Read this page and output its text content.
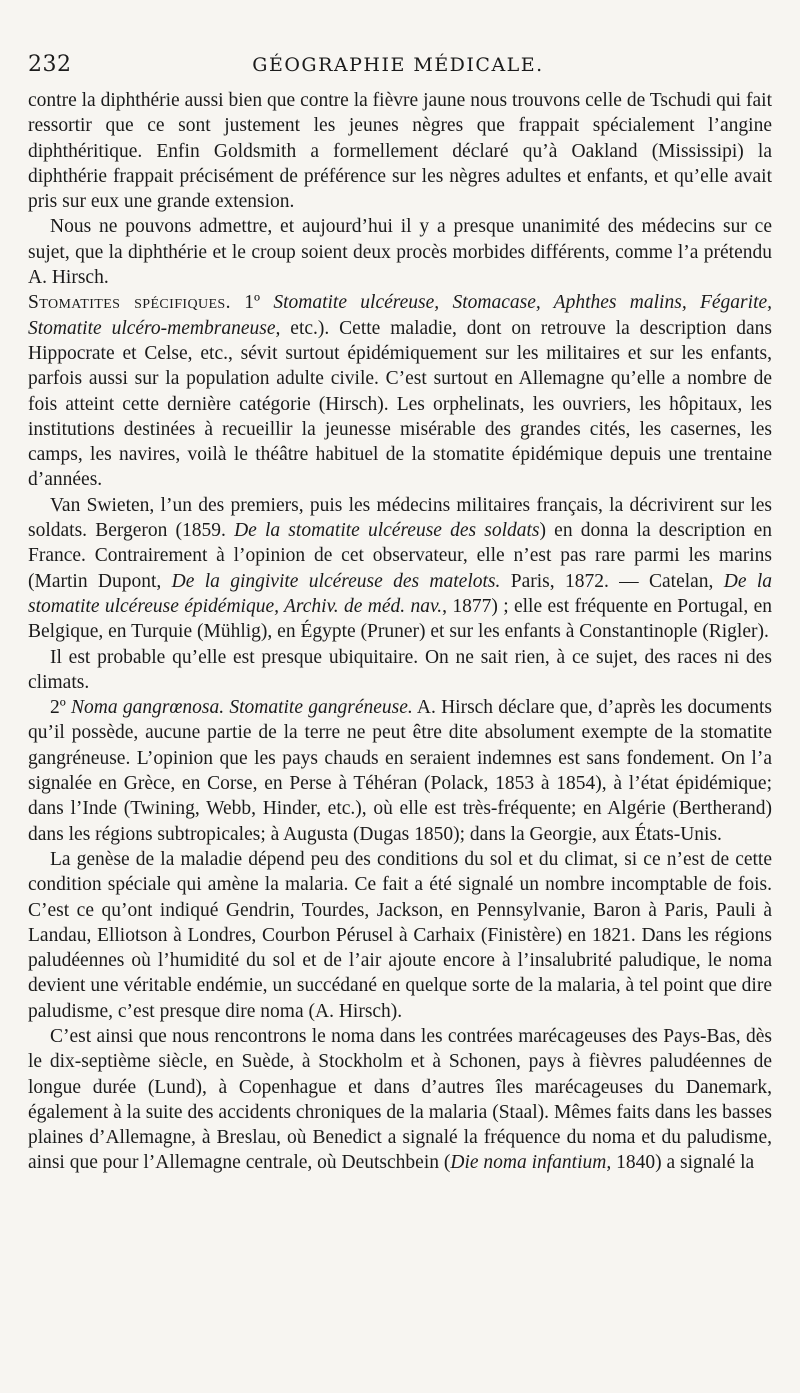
232	GÉOGRAPHIE MÉDICALE.

contre la diphthérie aussi bien que contre la fièvre jaune nous trouvons celle de Tschudi qui fait ressortir que ce sont justement les jeunes nègres que frappait spécialement l’angine diphthéritique. Enfin Goldsmith a formellement déclaré qu’à Oakland (Mississipi) la diphthérie frappait précisément de préférence sur les nègres adultes et enfants, et qu’elle avait pris sur eux une grande extension.

Nous ne pouvons admettre, et aujourd’hui il y a presque unanimité des médecins sur ce sujet, que la diphthérie et le croup soient deux procès morbides différents, comme l’a prétendu A. Hirsch.

Stomatites spécifiques. 1º Stomatite ulcéreuse, Stomacase, Aphthes malins, Fégarite, Stomatite ulcéro-membraneuse, etc.). Cette maladie, dont on retrouve la description dans Hippocrate et Celse, etc., sévit surtout épidémiquement sur les militaires et sur les enfants, parfois aussi sur la population adulte civile. C’est surtout en Allemagne qu’elle a nombre de fois atteint cette dernière catégorie (Hirsch). Les orphelinats, les ouvriers, les hôpitaux, les institutions destinées à recueillir la jeunesse misérable des grandes cités, les casernes, les camps, les navires, voilà le théâtre habituel de la stomatite épidémique depuis une trentaine d’années.

Van Swieten, l’un des premiers, puis les médecins militaires français, la décrivirent sur les soldats. Bergeron (1859. De la stomatite ulcéreuse des soldats) en donna la description en France. Contrairement à l’opinion de cet observateur, elle n’est pas rare parmi les marins (Martin Dupont, De la gingivite ulcéreuse des matelots. Paris, 1872. — Catelan, De la stomatite ulcéreuse épidémique, Archiv. de méd. nav., 1877) ; elle est fréquente en Portugal, en Belgique, en Turquie (Mühlig), en Égypte (Pruner) et sur les enfants à Constantinople (Rigler).

Il est probable qu’elle est presque ubiquitaire. On ne sait rien, à ce sujet, des races ni des climats.

2º Noma gangrœnosa. Stomatite gangréneuse. A. Hirsch déclare que, d’après les documents qu’il possède, aucune partie de la terre ne peut être dite absolument exempte de la stomatite gangréneuse. L’opinion que les pays chauds en seraient indemnes est sans fondement. On l’a signalée en Grèce, en Corse, en Perse à Téhéran (Polack, 1853 à 1854), à l’état épidémique; dans l’Inde (Twining, Webb, Hinder, etc.), où elle est très-fréquente; en Algérie (Bertherand) dans les régions subtropicales; à Augusta (Dugas 1850); dans la Georgie, aux États-Unis.

La genèse de la maladie dépend peu des conditions du sol et du climat, si ce n’est de cette condition spéciale qui amène la malaria. Ce fait a été signalé un nombre incomptable de fois. C’est ce qu’ont indiqué Gendrin, Tourdes, Jackson, en Pennsylvanie, Baron à Paris, Pauli à Landau, Elliotson à Londres, Courbon Pérusel à Carhaix (Finistère) en 1821. Dans les régions paludéennes où l’humidité du sol et de l’air ajoute encore à l’insalubrité paludique, le noma devient une véritable endémie, un succédané en quelque sorte de la malaria, à tel point que dire paludisme, c’est presque dire noma (A. Hirsch).

C’est ainsi que nous rencontrons le noma dans les contrées marécageuses des Pays-Bas, dès le dix-septième siècle, en Suède, à Stockholm et à Schonen, pays à fièvres paludéennes de longue durée (Lund), à Copenhague et dans d’autres îles marécageuses du Danemark, également à la suite des accidents chroniques de la malaria (Staal). Mêmes faits dans les basses plaines d’Allemagne, à Breslau, où Benedict a signalé la fréquence du noma et du paludisme, ainsi que pour l’Allemagne centrale, où Deutschbein (Die noma infantium, 1840) a signalé la
